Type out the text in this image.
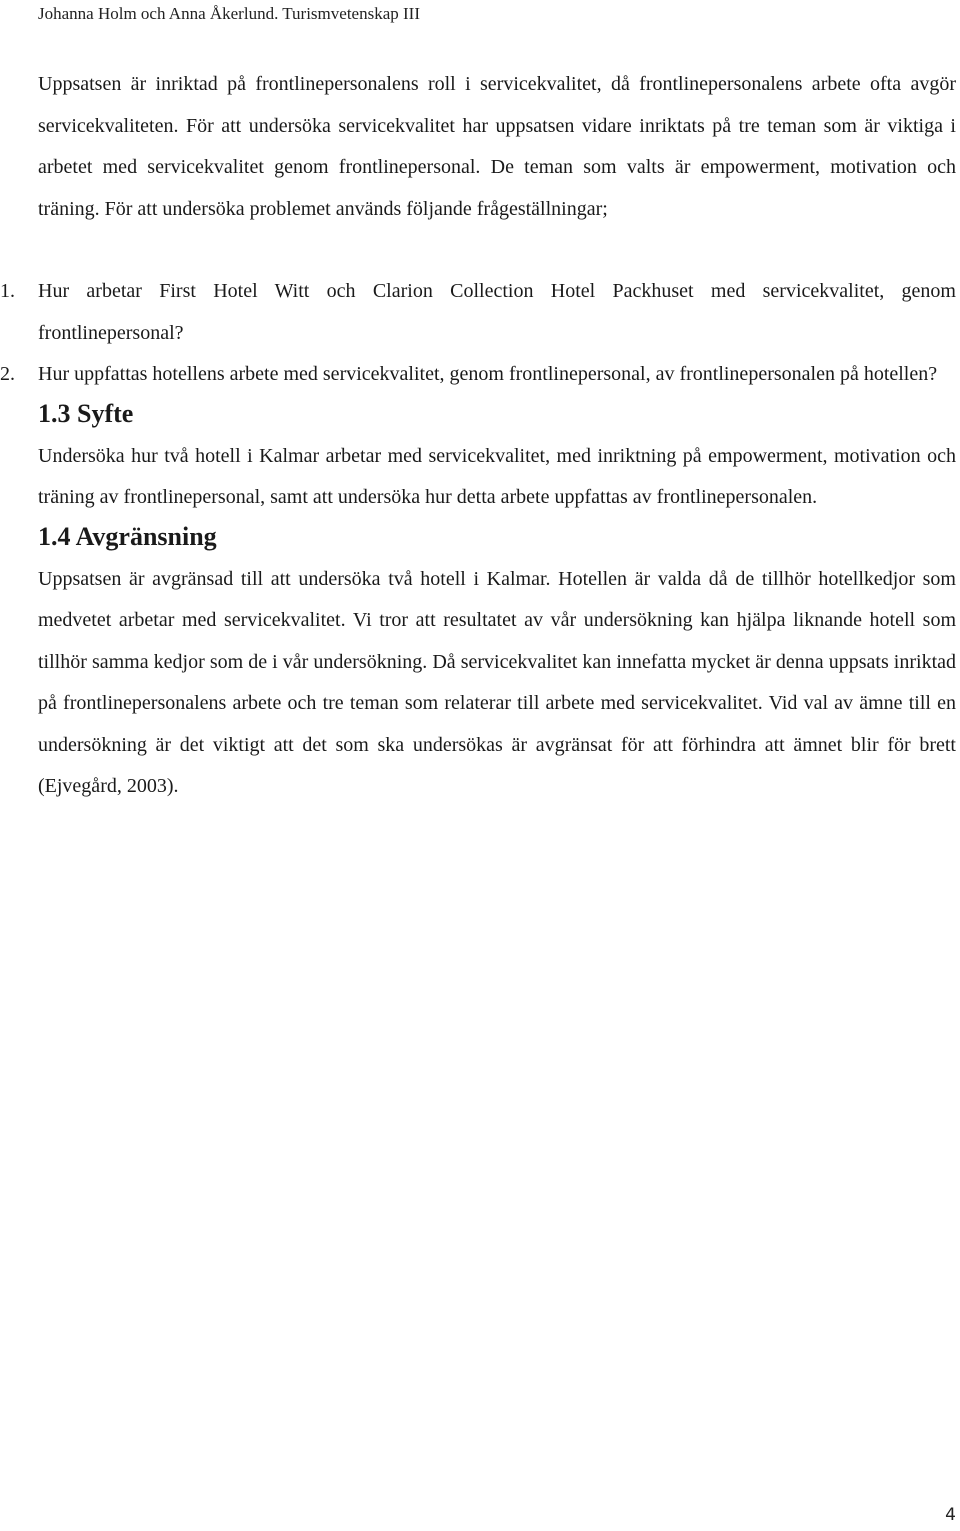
Johanna Holm och Anna Åkerlund. Turismvetenskap III

Uppsatsen är inriktad på frontlinepersonalens roll i servicekvalitet, då frontlinepersonalens arbete ofta avgör servicekvaliteten. För att undersöka servicekvalitet har uppsatsen vidare inriktats på tre teman som är viktiga i arbetet med servicekvalitet genom frontlinepersonal. De teman som valts är empowerment, motivation och träning. För att undersöka problemet används följande frågeställningar;

1. Hur arbetar First Hotel Witt och Clarion Collection Hotel Packhuset med servicekvalitet, genom frontlinepersonal?
2. Hur uppfattas hotellens arbete med servicekvalitet, genom frontlinepersonal, av frontlinepersonalen på hotellen?
1.3 Syfte

Undersöka hur två hotell i Kalmar arbetar med servicekvalitet, med inriktning på empowerment, motivation och träning av frontlinepersonal, samt att undersöka hur detta arbete uppfattas av frontlinepersonalen.

1.4 Avgränsning

Uppsatsen är avgränsad till att undersöka två hotell i Kalmar. Hotellen är valda då de tillhör hotellkedjor som medvetet arbetar med servicekvalitet. Vi tror att resultatet av vår undersökning kan hjälpa liknande hotell som tillhör samma kedjor som de i vår undersökning. Då servicekvalitet kan innefatta mycket är denna uppsats inriktad på frontlinepersonalens arbete och tre teman som relaterar till arbete med servicekvalitet. Vid val av ämne till en undersökning är det viktigt att det som ska undersökas är avgränsat för att förhindra att ämnet blir för brett (Ejvegård, 2003).

4
